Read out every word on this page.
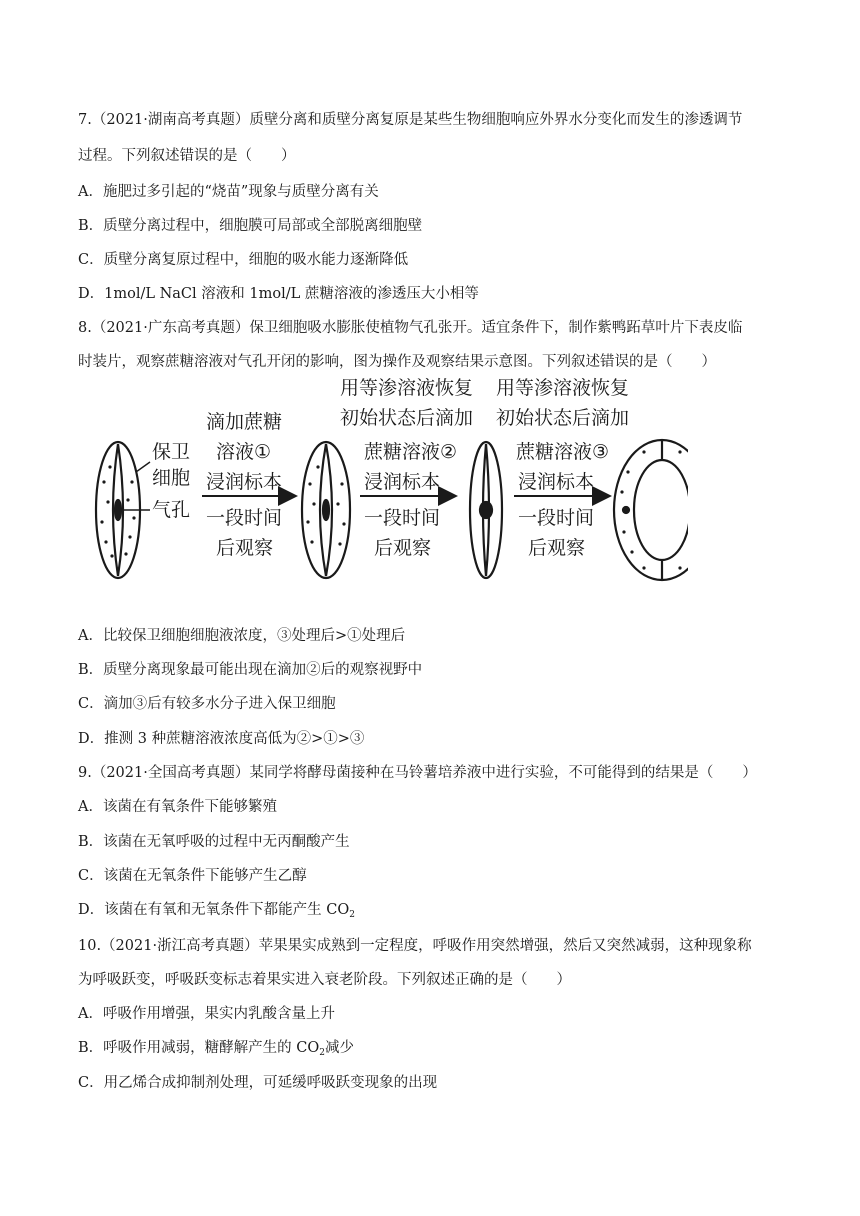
7.（2021·湖南高考真题）质壁分离和质壁分离复原是某些生物细胞响应外界水分变化而发生的渗透调节
过程。下列叙述错误的是（　　）
A．施肥过多引起的“烧苗”现象与质壁分离有关
B．质壁分离过程中，细胞膜可局部或全部脱离细胞壁
C．质壁分离复原过程中，细胞的吸水能力逐渐降低
D．1mol/L NaCl 溶液和 1mol/L 蔗糖溶液的渗透压大小相等
8.（2021·广东高考真题）保卫细胞吸水膨胀使植物气孔张开。适宜条件下，制作紫鸭跖草叶片下表皮临
时装片，观察蔗糖溶液对气孔开闭的影响，图为操作及观察结果示意图。下列叙述错误的是（　　）
保卫
细胞
气孔
滴加蔗糖
溶液①
浸润标本
一段时间
后观察
用等渗溶液恢复
初始状态后滴加
蔗糖溶液②
浸润标本
一段时间
后观察
用等渗溶液恢复
初始状态后滴加
蔗糖溶液③
浸润标本
一段时间
后观察
A．比较保卫细胞细胞液浓度，③处理后>①处理后
B．质壁分离现象最可能出现在滴加②后的观察视野中
C．滴加③后有较多水分子进入保卫细胞
D．推测 3 种蔗糖溶液浓度高低为②>①>③
9.（2021·全国高考真题）某同学将酵母菌接种在马铃薯培养液中进行实验，不可能得到的结果是（　　）
A．该菌在有氧条件下能够繁殖
B．该菌在无氧呼吸的过程中无丙酮酸产生
C．该菌在无氧条件下能够产生乙醇
D．该菌在有氧和无氧条件下都能产生 $CO_2$
10.（2021·浙江高考真题）苹果果实成熟到一定程度，呼吸作用突然增强，然后又突然减弱，这种现象称
为呼吸跃变，呼吸跃变标志着果实进入衰老阶段。下列叙述正确的是（　　）
A．呼吸作用增强，果实内乳酸含量上升
B．呼吸作用减弱，糖酵解产生的 $CO_2$减少
C．用乙烯合成抑制剂处理，可延缓呼吸跃变现象的出现
